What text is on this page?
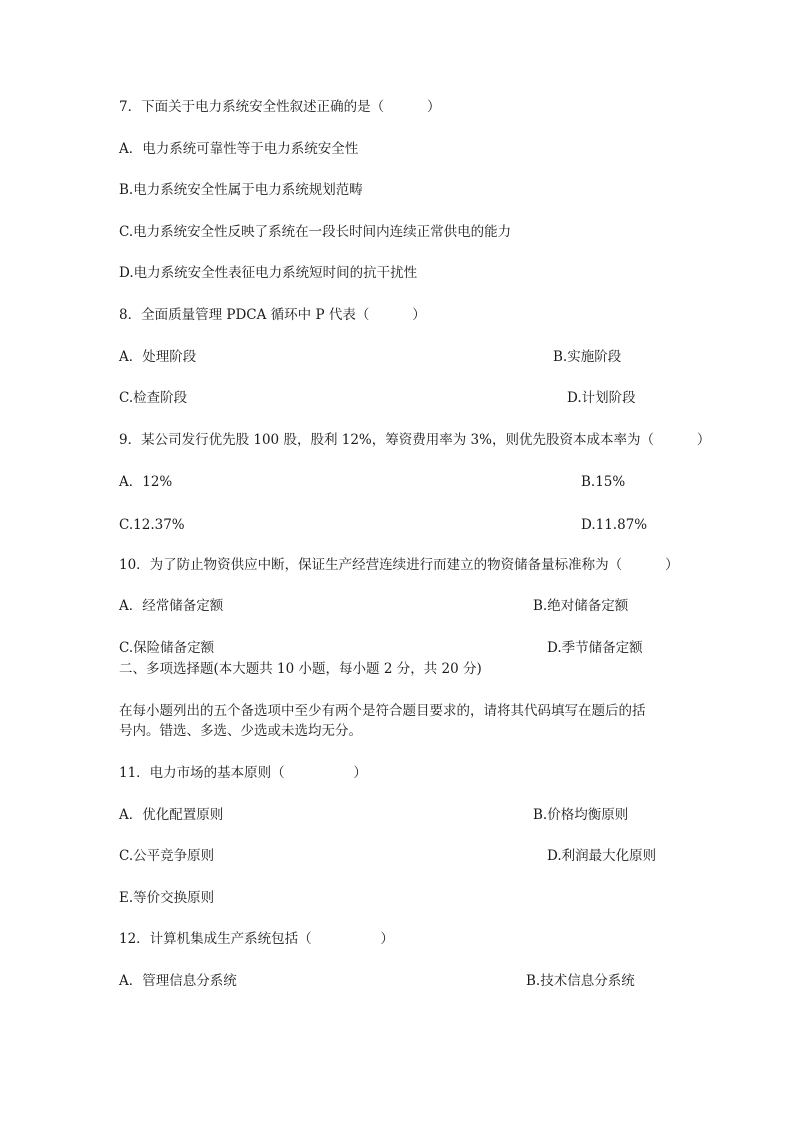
7．下面关于电力系统安全性叙述正确的是（          ）
A．电力系统可靠性等于电力系统安全性
B.电力系统安全性属于电力系统规划范畴
C.电力系统安全性反映了系统在一段长时间内连续正常供电的能力
D.电力系统安全性表征电力系统短时间的抗干扰性
8．全面质量管理 PDCA 循环中 P 代表（          ）
A．处理阶段	B.实施阶段
C.检查阶段	D.计划阶段
9．某公司发行优先股 100 股，股利 12%，筹资费用率为 3%，则优先股资本成本率为（          ）
A．12%	B.15%
C.12.37%	D.11.87%
10．为了防止物资供应中断，保证生产经营连续进行而建立的物资储备量标准称为（          ）
A．经常储备定额	B.绝对储备定额
C.保险储备定额	D.季节储备定额
二、多项选择题(本大题共 10 小题，每小题 2 分，共 20 分)
在每小题列出的五个备选项中至少有两个是符合题目要求的，请将其代码填写在题后的括
号内。错选、多选、少选或未选均无分。
11．电力市场的基本原则（                ）
A．优化配置原则	B.价格均衡原则
C.公平竞争原则	D.利润最大化原则
E.等价交换原则
12．计算机集成生产系统包括（                ）
A．管理信息分系统	B.技术信息分系统
